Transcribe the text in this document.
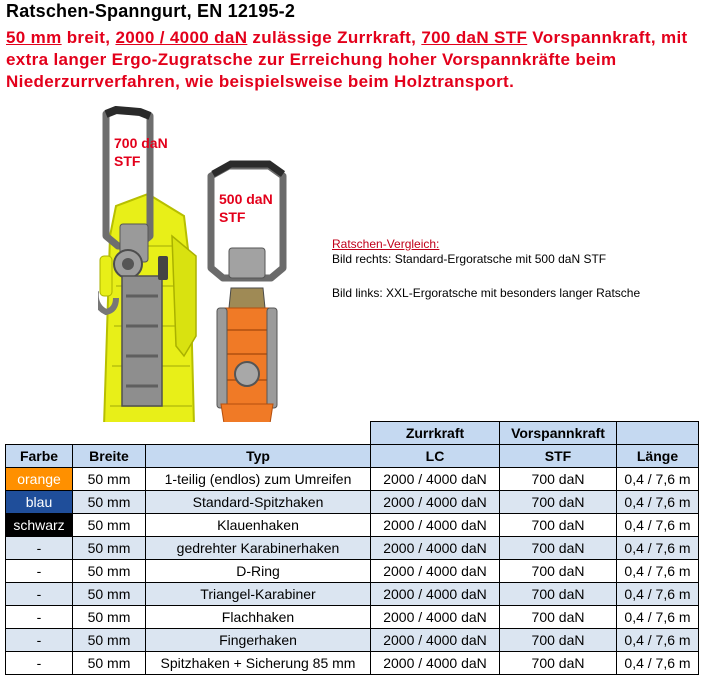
Ratschen-Spanngurt, EN 12195-2

50 mm breit, 2000 / 4000 daN zulässige Zurrkraft, 700 daN STF Vorspannkraft, mit extra langer Ergo-Zugratsche zur Erreichung hoher Vorspannkräfte beim Niederzurrverfahren, wie beispielsweise beim Holztransport.

700 daN
STF
500 daN
STF
Ratschen-Vergleich:
Bild rechts: Standard-Ergoratsche mit 500 daN STF
Bild links: XXL-Ergoratsche mit besonders langer Ratsche
			Zurrkraft	Vorspannkraft	
Farbe	Breite	Typ	LC	STF	Länge
orange	50 mm	1-teilig (endlos) zum Umreifen	2000 / 4000 daN	700 daN	0,4 / 7,6 m
blau	50 mm	Standard-Spitzhaken	2000 / 4000 daN	700 daN	0,4 / 7,6 m
schwarz	50 mm	Klauenhaken	2000 / 4000 daN	700 daN	0,4 / 7,6 m
-	50 mm	gedrehter Karabinerhaken	2000 / 4000 daN	700 daN	0,4 / 7,6 m
-	50 mm	D-Ring	2000 / 4000 daN	700 daN	0,4 / 7,6 m
-	50 mm	Triangel-Karabiner	2000 / 4000 daN	700 daN	0,4 / 7,6 m
-	50 mm	Flachhaken	2000 / 4000 daN	700 daN	0,4 / 7,6 m
-	50 mm	Fingerhaken	2000 / 4000 daN	700 daN	0,4 / 7,6 m
-	50 mm	Spitzhaken + Sicherung 85 mm	2000 / 4000 daN	700 daN	0,4 / 7,6 m
